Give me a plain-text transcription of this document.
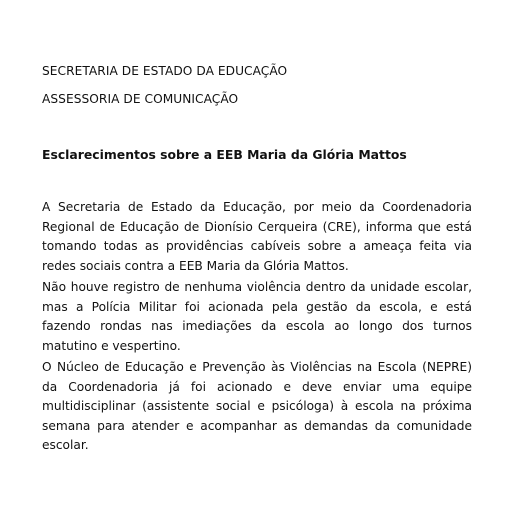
SECRETARIA DE ESTADO DA EDUCAÇÃO
ASSESSORIA DE COMUNICAÇÃO
Esclarecimentos sobre a EEB Maria da Glória Mattos
A Secretaria de Estado da Educação, por meio da Coordenadoria
Regional de Educação de Dionísio Cerqueira (CRE), informa que está
tomando todas as providências cabíveis sobre a ameaça feita via
redes sociais contra a EEB Maria da Glória Mattos.
Não houve registro de nenhuma violência dentro da unidade escolar,
mas a Polícia Militar foi acionada pela gestão da escola, e está
fazendo rondas nas imediações da escola ao longo dos turnos
matutino e vespertino.
O Núcleo de Educação e Prevenção às Violências na Escola (NEPRE)
da Coordenadoria já foi acionado e deve enviar uma equipe
multidisciplinar (assistente social e psicóloga) à escola na próxima
semana para atender e acompanhar as demandas da comunidade
escolar.
